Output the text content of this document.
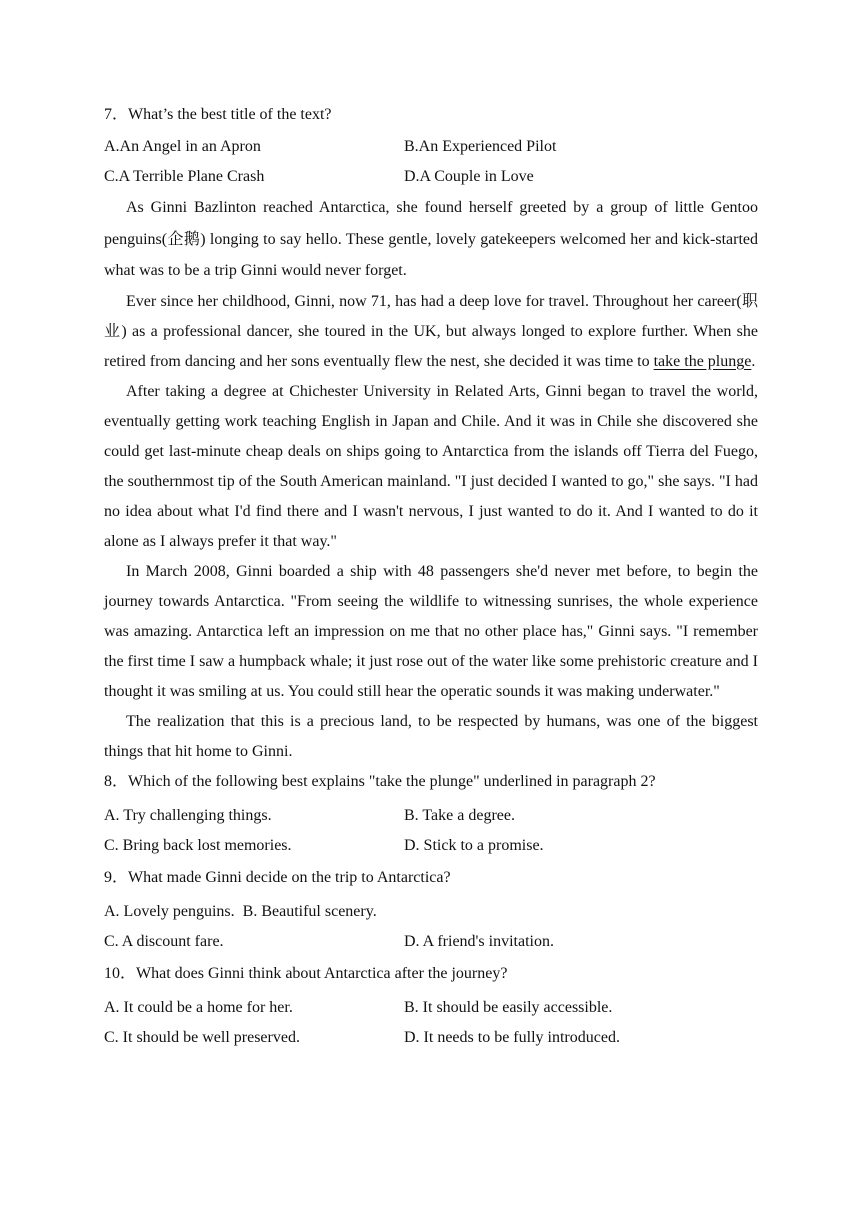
7．What’s the best title of the text?
A.An Angel in an Apron	B.An Experienced Pilot
C.A Terrible Plane Crash	D.A Couple in Love

As Ginni Bazlinton reached Antarctica, she found herself greeted by a group of little Gentoo penguins(企鹅) longing to say hello. These gentle, lovely gatekeepers welcomed her and kick-started what was to be a trip Ginni would never forget.

Ever since her childhood, Ginni, now 71, has had a deep love for travel. Throughout her career(职业) as a professional dancer, she toured in the UK, but always longed to explore further. When she retired from dancing and her sons eventually flew the nest, she decided it was time to take the plunge.

After taking a degree at Chichester University in Related Arts, Ginni began to travel the world, eventually getting work teaching English in Japan and Chile. And it was in Chile she discovered she could get last-minute cheap deals on ships going to Antarctica from the islands off Tierra del Fuego, the southernmost tip of the South American mainland. "I just decided I wanted to go," she says. "I had no idea about what I'd find there and I wasn't nervous, I just wanted to do it. And I wanted to do it alone as I always prefer it that way."

In March 2008, Ginni boarded a ship with 48 passengers she'd never met before, to begin the journey towards Antarctica. "From seeing the wildlife to witnessing sunrises, the whole experience was amazing. Antarctica left an impression on me that no other place has," Ginni says. "I remember the first time I saw a humpback whale; it just rose out of the water like some prehistoric creature and I thought it was smiling at us. You could still hear the operatic sounds it was making underwater."

The realization that this is a precious land, to be respected by humans, was one of the biggest things that hit home to Ginni.

8．Which of the following best explains "take the plunge" underlined in paragraph 2?
A. Try challenging things.	B. Take a degree.
C. Bring back lost memories.	D. Stick to a promise.
9．What made Ginni decide on the trip to Antarctica?
A. Lovely penguins. B. Beautiful scenery.
C. A discount fare.	D. A friend's invitation.
10．What does Ginni think about Antarctica after the journey?
A. It could be a home for her.	B. It should be easily accessible.
C. It should be well preserved.	D. It needs to be fully introduced.
